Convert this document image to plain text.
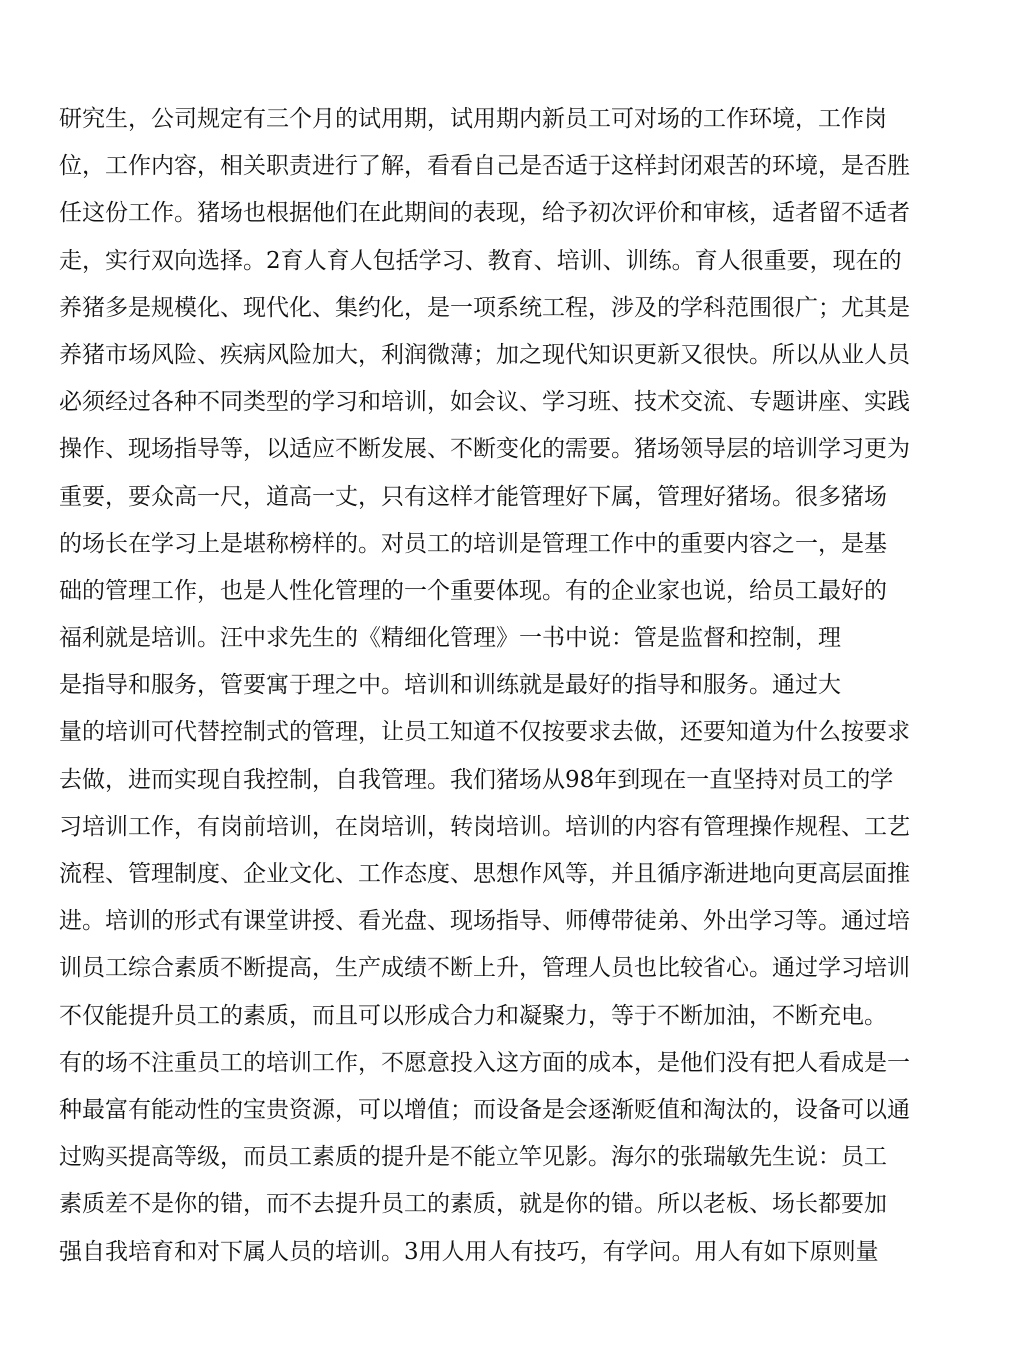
研究生，公司规定有三个月的试用期，试用期内新员工可对场的工作环境，工作岗
位，工作内容，相关职责进行了解，看看自己是否适于这样封闭艰苦的环境，是否胜
任这份工作。猪场也根据他们在此期间的表现，给予初次评价和审核，适者留不适者
走，实行双向选择。2育人育人包括学习、教育、培训、训练。育人很重要，现在的
养猪多是规模化、现代化、集约化，是一项系统工程，涉及的学科范围很广；尤其是
养猪市场风险、疾病风险加大，利润微薄；加之现代知识更新又很快。所以从业人员
必须经过各种不同类型的学习和培训，如会议、学习班、技术交流、专题讲座、实践
操作、现场指导等，以适应不断发展、不断变化的需要。猪场领导层的培训学习更为
重要，要众高一尺，道高一丈，只有这样才能管理好下属，管理好猪场。很多猪场
的场长在学习上是堪称榜样的。对员工的培训是管理工作中的重要内容之一，是基
础的管理工作，也是人性化管理的一个重要体现。有的企业家也说，给员工最好的
福利就是培训。汪中求先生的《精细化管理》一书中说：管是监督和控制，理
是指导和服务，管要寓于理之中。培训和训练就是最好的指导和服务。通过大
量的培训可代替控制式的管理，让员工知道不仅按要求去做，还要知道为什么按要求
去做，进而实现自我控制，自我管理。我们猪场从98年到现在一直坚持对员工的学
习培训工作，有岗前培训，在岗培训，转岗培训。培训的内容有管理操作规程、工艺
流程、管理制度、企业文化、工作态度、思想作风等，并且循序渐进地向更高层面推
进。培训的形式有课堂讲授、看光盘、现场指导、师傅带徒弟、外出学习等。通过培
训员工综合素质不断提高，生产成绩不断上升，管理人员也比较省心。通过学习培训
不仅能提升员工的素质，而且可以形成合力和凝聚力，等于不断加油，不断充电。
有的场不注重员工的培训工作，不愿意投入这方面的成本，是他们没有把人看成是一
种最富有能动性的宝贵资源，可以增值；而设备是会逐渐贬值和淘汰的，设备可以通
过购买提高等级，而员工素质的提升是不能立竿见影。海尔的张瑞敏先生说：员工
素质差不是你的错，而不去提升员工的素质，就是你的错。所以老板、场长都要加
强自我培育和对下属人员的培训。3用人用人有技巧，有学问。用人有如下原则量
